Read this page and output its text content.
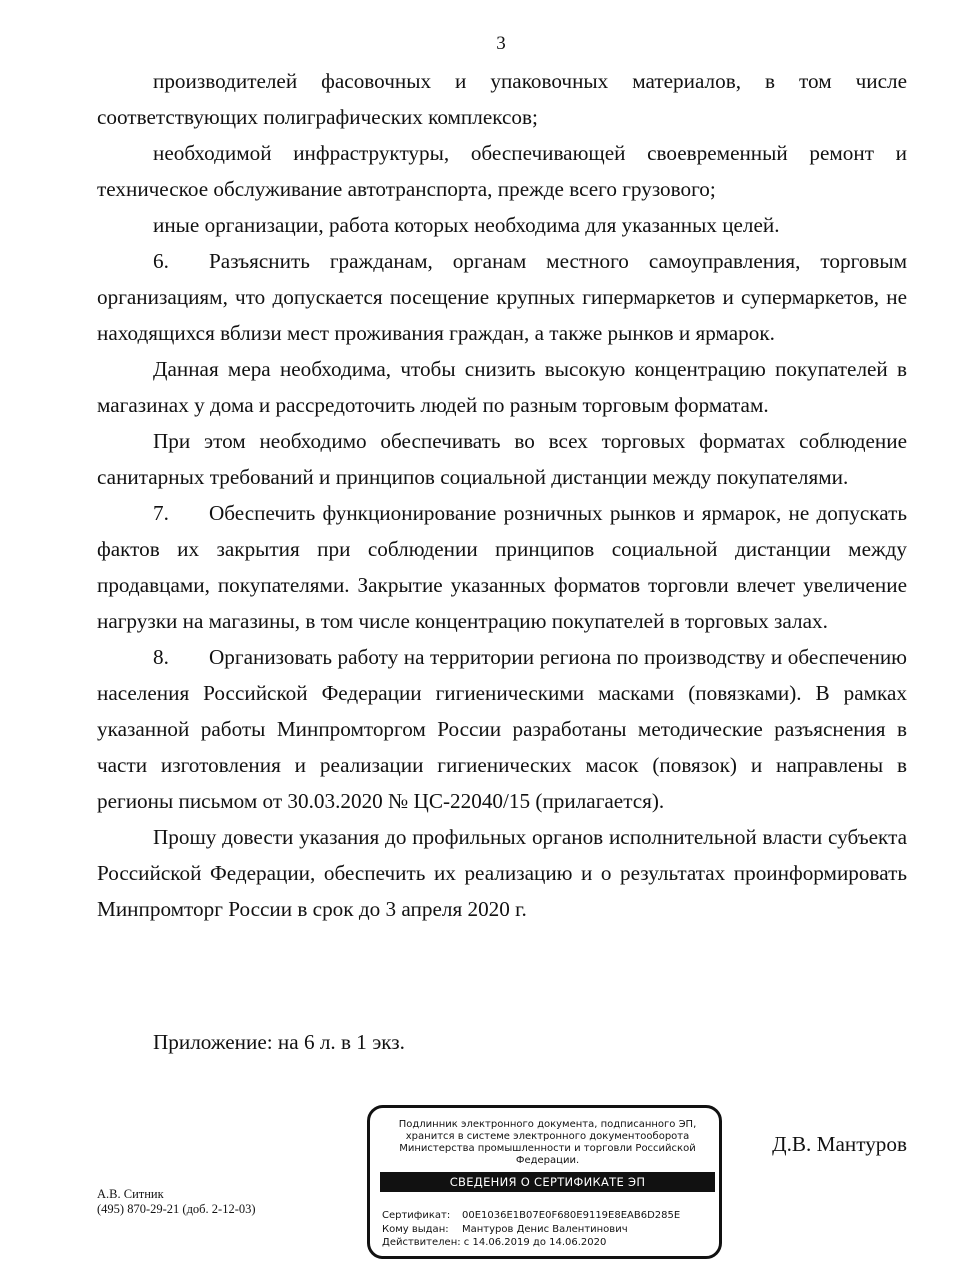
3

производителей фасовочных и упаковочных материалов, в том числе соответствующих полиграфических комплексов;

необходимой инфраструктуры, обеспечивающей своевременный ремонт и техническое обслуживание автотранспорта, прежде всего грузового;

иные организации, работа которых необходима для указанных целей.

6. Разъяснить гражданам, органам местного самоуправления, торговым организациям, что допускается посещение крупных гипермаркетов и супермаркетов, не находящихся вблизи мест проживания граждан, а также рынков и ярмарок.

Данная мера необходима, чтобы снизить высокую концентрацию покупателей в магазинах у дома и рассредоточить людей по разным торговым форматам.

При этом необходимо обеспечивать во всех торговых форматах соблюдение санитарных требований и принципов социальной дистанции между покупателями.

7. Обеспечить функционирование розничных рынков и ярмарок, не допускать фактов их закрытия при соблюдении принципов социальной дистанции между продавцами, покупателями. Закрытие указанных форматов торговли влечет увеличение нагрузки на магазины, в том числе концентрацию покупателей в торговых залах.

8. Организовать работу на территории региона по производству и обеспечению населения Российской Федерации гигиеническими масками (повязками). В рамках указанной работы Минпромторгом России разработаны методические разъяснения в части изготовления и реализации гигиенических масок (повязок) и направлены в регионы письмом от 30.03.2020 № ЦС-22040/15 (прилагается).

Прошу довести указания до профильных органов исполнительной власти субъекта Российской Федерации, обеспечить их реализацию и о результатах проинформировать Минпромторг России в срок до 3 апреля 2020 г.

Приложение: на 6 л. в 1 экз.
А.В. Ситник
(495) 870-29-21 (доб. 2-12-03)
Д.В. Мантуров
Подлинник электронного документа, подписанного ЭП, хранится в системе электронного документооборота Министерства промышленности и торговли Российской Федерации.
СВЕДЕНИЯ О СЕРТИФИКАТЕ ЭП
Сертификат: 00E1036E1B07E0F680E9119E8EAB6D285E
Кому выдан: Мантуров Денис Валентинович
Действителен: с 14.06.2019 до 14.06.2020
